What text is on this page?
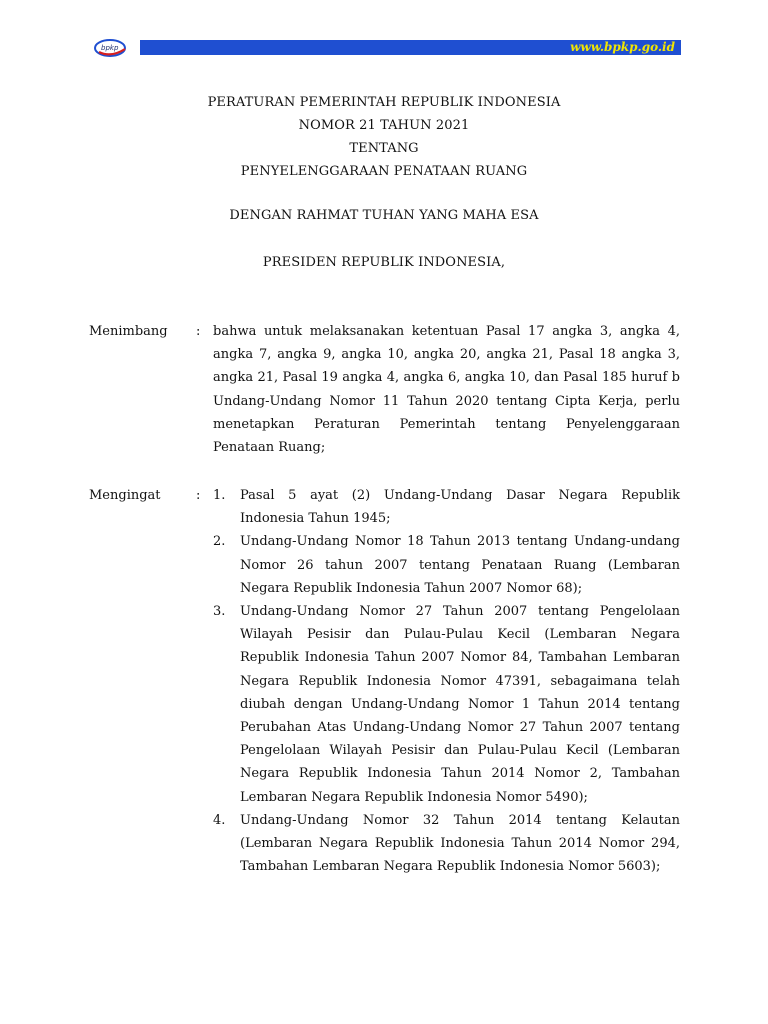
bpkp	www.bpkp.go.id
PERATURAN PEMERINTAH REPUBLIK INDONESIA
NOMOR 21 TAHUN 2021
TENTANG
PENYELENGGARAAN PENATAAN RUANG
DENGAN RAHMAT TUHAN YANG MAHA ESA
PRESIDEN REPUBLIK INDONESIA,
Menimbang : bahwa untuk melaksanakan ketentuan Pasal 17 angka 3, angka 4, angka 7, angka 9, angka 10, angka 20, angka 21, Pasal 18 angka 3, angka 21, Pasal 19 angka 4, angka 6, angka 10, dan Pasal 185 huruf b Undang-Undang Nomor 11 Tahun 2020 tentang Cipta Kerja, perlu menetapkan Peraturan Pemerintah tentang Penyelenggaraan Penataan Ruang;

Mengingat	: 1.	Pasal 5 ayat (2) Undang-Undang Dasar Negara Republik Indonesia Tahun 1945;
2.	Undang-Undang Nomor 18 Tahun 2013 tentang Undang-undang Nomor 26 tahun 2007 tentang Penataan Ruang (Lembaran Negara Republik Indonesia Tahun 2007 Nomor 68);
3.	Undang-Undang Nomor 27 Tahun 2007 tentang Pengelolaan Wilayah Pesisir dan Pulau-Pulau Kecil (Lembaran Negara Republik Indonesia Tahun 2007 Nomor 84, Tambahan Lembaran Negara Republik Indonesia Nomor 47391, sebagaimana telah diubah dengan Undang-Undang Nomor 1 Tahun 2014 tentang Perubahan Atas Undang-Undang Nomor 27 Tahun 2007 tentang Pengelolaan Wilayah Pesisir dan Pulau-Pulau Kecil (Lembaran Negara Republik Indonesia Tahun 2014 Nomor 2, Tambahan Lembaran Negara Republik Indonesia Nomor 5490);
4.	Undang-Undang Nomor 32 Tahun 2014 tentang Kelautan (Lembaran Negara Republik Indonesia Tahun 2014 Nomor 294, Tambahan Lembaran Negara Republik Indonesia Nomor 5603);
